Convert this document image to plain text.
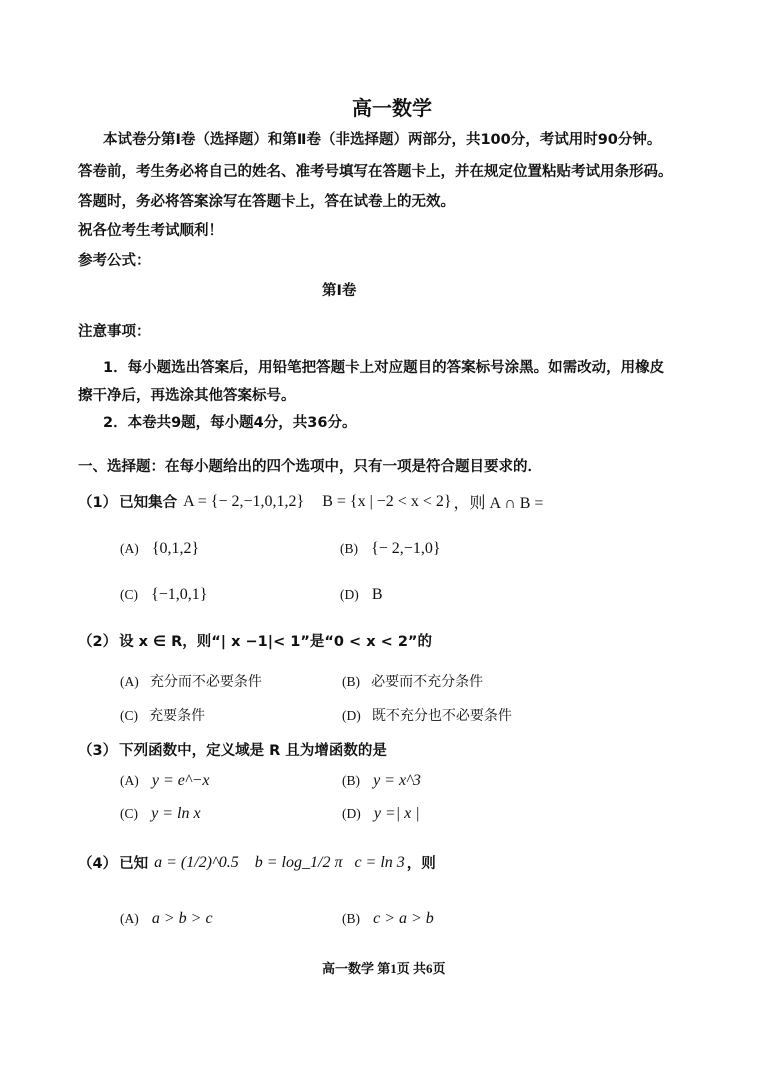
高一数学
本试卷分第Ⅰ卷（选择题）和第Ⅱ卷（非选择题）两部分，共100分，考试用时90分钟。
答卷前，考生务必将自己的姓名、准考号填写在答题卡上，并在规定位置粘贴考试用条形码。
答题时，务必将答案涂写在答题卡上，答在试卷上的无效。
祝各位考生考试顺利！
参考公式：
第Ⅰ卷
注意事项：
1．每小题选出答案后，用铅笔把答题卡上对应题目的答案标号涂黑。如需改动，用橡皮
擦干净后，再选涂其他答案标号。
2．本卷共9题，每小题4分，共36分。
一、选择题：在每小题给出的四个选项中，只有一项是符合题目要求的．
（1） 已知集合 A = {− 2,−1,0,1,2} B = {x | −2 < x < 2} ，则 A ∩ B =
(A) {0,1,2}	(B) {− 2,−1,0}
(C) {−1,0,1}	(D) B
（2） 设 x ∈ R，则“| x −1|< 1”是“0 < x < 2”的
(A) 充分而不必要条件	(B) 必要而不充分条件
(C) 充要条件	(D) 既不充分也不必要条件
（3） 下列函数中，定义域是 R 且为增函数的是
(A) y = e^−x	(B) y = x^3
(C) y = ln x	(D) y =| x |
（4） 已知 a = (1/2)^0.5 b = log_1/2 π c = ln 3 ，则
(A) a > b > c	(B) c > a > b
高一数学 第1页 共6页
